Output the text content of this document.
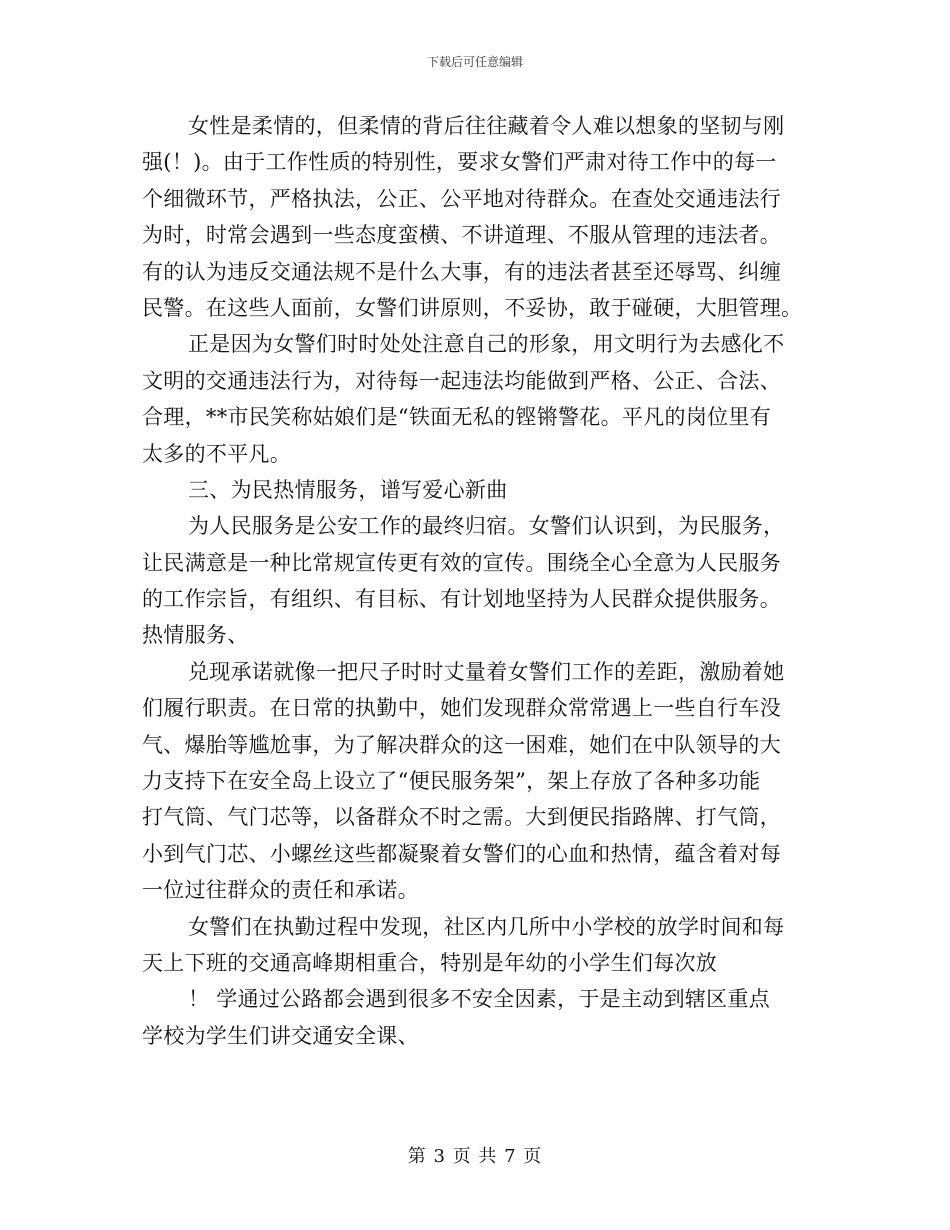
下载后可任意编辑
女性是柔情的，但柔情的背后往往藏着令人难以想象的坚韧与刚
强(！)。由于工作性质的特别性，要求女警们严肃对待工作中的每一
个细微环节，严格执法，公正、公平地对待群众。在查处交通违法行
为时，时常会遇到一些态度蛮横、不讲道理、不服从管理的违法者。
有的认为违反交通法规不是什么大事，有的违法者甚至还辱骂、纠缠
民警。在这些人面前，女警们讲原则，不妥协，敢于碰硬，大胆管理。
正是因为女警们时时处处注意自己的形象，用文明行为去感化不
文明的交通违法行为，对待每一起违法均能做到严格、公正、合法、
合理，**市民笑称姑娘们是“铁面无私的铿锵警花。平凡的岗位里有
太多的不平凡。
三、为民热情服务，谱写爱心新曲
为人民服务是公安工作的最终归宿。女警们认识到，为民服务，
让民满意是一种比常规宣传更有效的宣传。围绕全心全意为人民服务
的工作宗旨，有组织、有目标、有计划地坚持为人民群众提供服务。
热情服务、
兑现承诺就像一把尺子时时丈量着女警们工作的差距，激励着她
们履行职责。在日常的执勤中，她们发现群众常常遇上一些自行车没
气、爆胎等尴尬事，为了解决群众的这一困难，她们在中队领导的大
力支持下在安全岛上设立了“便民服务架”，架上存放了各种多功能
打气筒、气门芯等，以备群众不时之需。大到便民指路牌、打气筒，
小到气门芯、小螺丝这些都凝聚着女警们的心血和热情，蕴含着对每
一位过往群众的责任和承诺。
女警们在执勤过程中发现，社区内几所中小学校的放学时间和每
天上下班的交通高峰期相重合，特别是年幼的小学生们每次放
！ 学通过公路都会遇到很多不安全因素，于是主动到辖区重点
学校为学生们讲交通安全课、
第 3 页 共 7 页
